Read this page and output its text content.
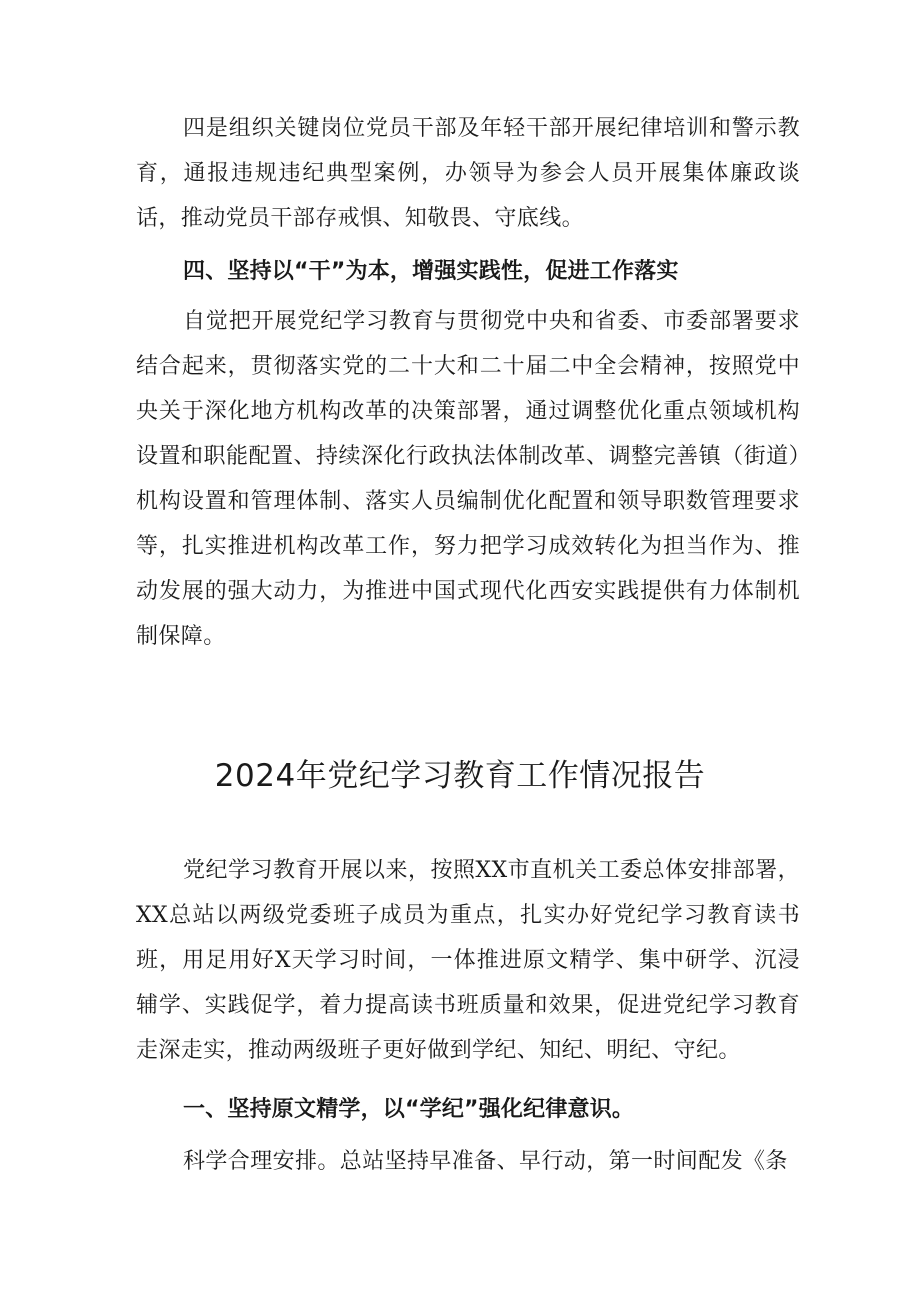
四是组织关键岗位党员干部及年轻干部开展纪律培训和警示教育，通报违规违纪典型案例，办领导为参会人员开展集体廉政谈话，推动党员干部存戒惧、知敬畏、守底线。

四、坚持以“干”为本，增强实践性，促进工作落实

自觉把开展党纪学习教育与贯彻党中央和省委、市委部署要求结合起来，贯彻落实党的二十大和二十届二中全会精神，按照党中央关于深化地方机构改革的决策部署，通过调整优化重点领域机构设置和职能配置、持续深化行政执法体制改革、调整完善镇（街道）机构设置和管理体制、落实人员编制优化配置和领导职数管理要求等，扎实推进机构改革工作，努力把学习成效转化为担当作为、推动发展的强大动力，为推进中国式现代化西安实践提供有力体制机制保障。

2024年党纪学习教育工作情况报告

党纪学习教育开展以来，按照XX市直机关工委总体安排部署，XX总站以两级党委班子成员为重点，扎实办好党纪学习教育读书班，用足用好X天学习时间，一体推进原文精学、集中研学、沉浸辅学、实践促学，着力提高读书班质量和效果，促进党纪学习教育走深走实，推动两级班子更好做到学纪、知纪、明纪、守纪。

一、坚持原文精学，以“学纪”强化纪律意识。

科学合理安排。总站坚持早准备、早行动，第一时间配发《条
